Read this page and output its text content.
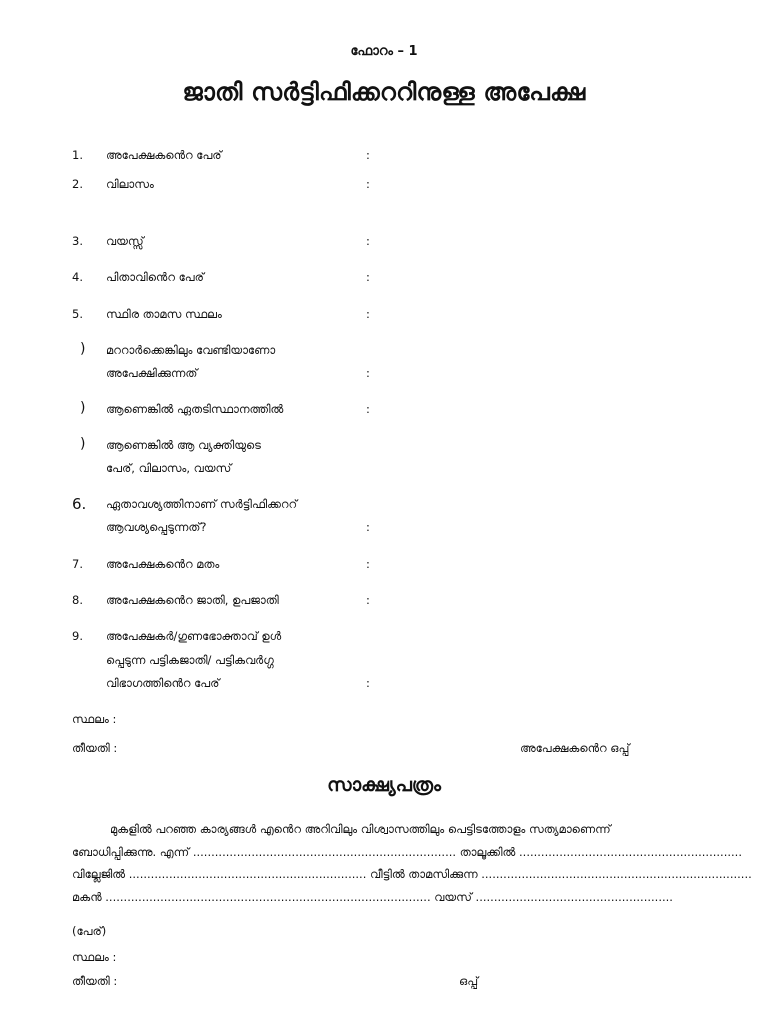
ഫോറം – 1
ജാതി സർട്ടിഫിക്കററിനുള്ള അപേക്ഷ
1. അപേക്ഷകൻെറ പേര്	:
2. വിലാസം	:
3. വയസ്സ്	:
4. പിതാവിൻെറ പേര്	:
5. സ്ഥിര താമസ സ്ഥലം	:
) മററാർക്കെങ്കിലും വേണ്ടിയാണോ
അപേക്ഷിക്കുന്നത്	:
) ആണെങ്കിൽ ഏതടിസ്ഥാനത്തിൽ	:
) ആണെങ്കിൽ ആ വ്യക്തിയുടെ
പേര്, വിലാസം, വയസ്
6. ഏതാവശ്യത്തിനാണ് സർട്ടിഫിക്കററ്
ആവശ്യപ്പെടുന്നത്?	:
7. അപേക്ഷകൻെറ മതം	:
8. അപേക്ഷകൻെറ ജാതി, ഉപജാതി	:
9. അപേക്ഷകർ/ഗുണഭോക്താവ് ഉൾ
പ്പെടുന്ന പട്ടികജാതി/ പട്ടികവർഗ്ഗ
വിഭാഗത്തിൻെറ പേര്	:
സ്ഥലം :
തീയതി :	അപേക്ഷകൻെറ ഒപ്പ്
സാക്ഷ്യപത്രം
മുകളിൽ പറഞ്ഞ കാര്യങ്ങൾ എൻെറ അറിവിലും വിശ്വാസത്തിലും പെട്ടിടത്തോളം സത്യമാണെന്ന്
ബോധിപ്പിക്കുന്നു. എന്ന് ........................................................................ താലൂക്കിൽ .............................................................
വില്ലേജിൽ ................................................................. വീട്ടിൽ താമസിക്കുന്ന ..........................................................................
മകൻ ......................................................................................... വയസ് ......................................................
(പേര്)
സ്ഥലം :
തീയതി :	ഒപ്പ്
